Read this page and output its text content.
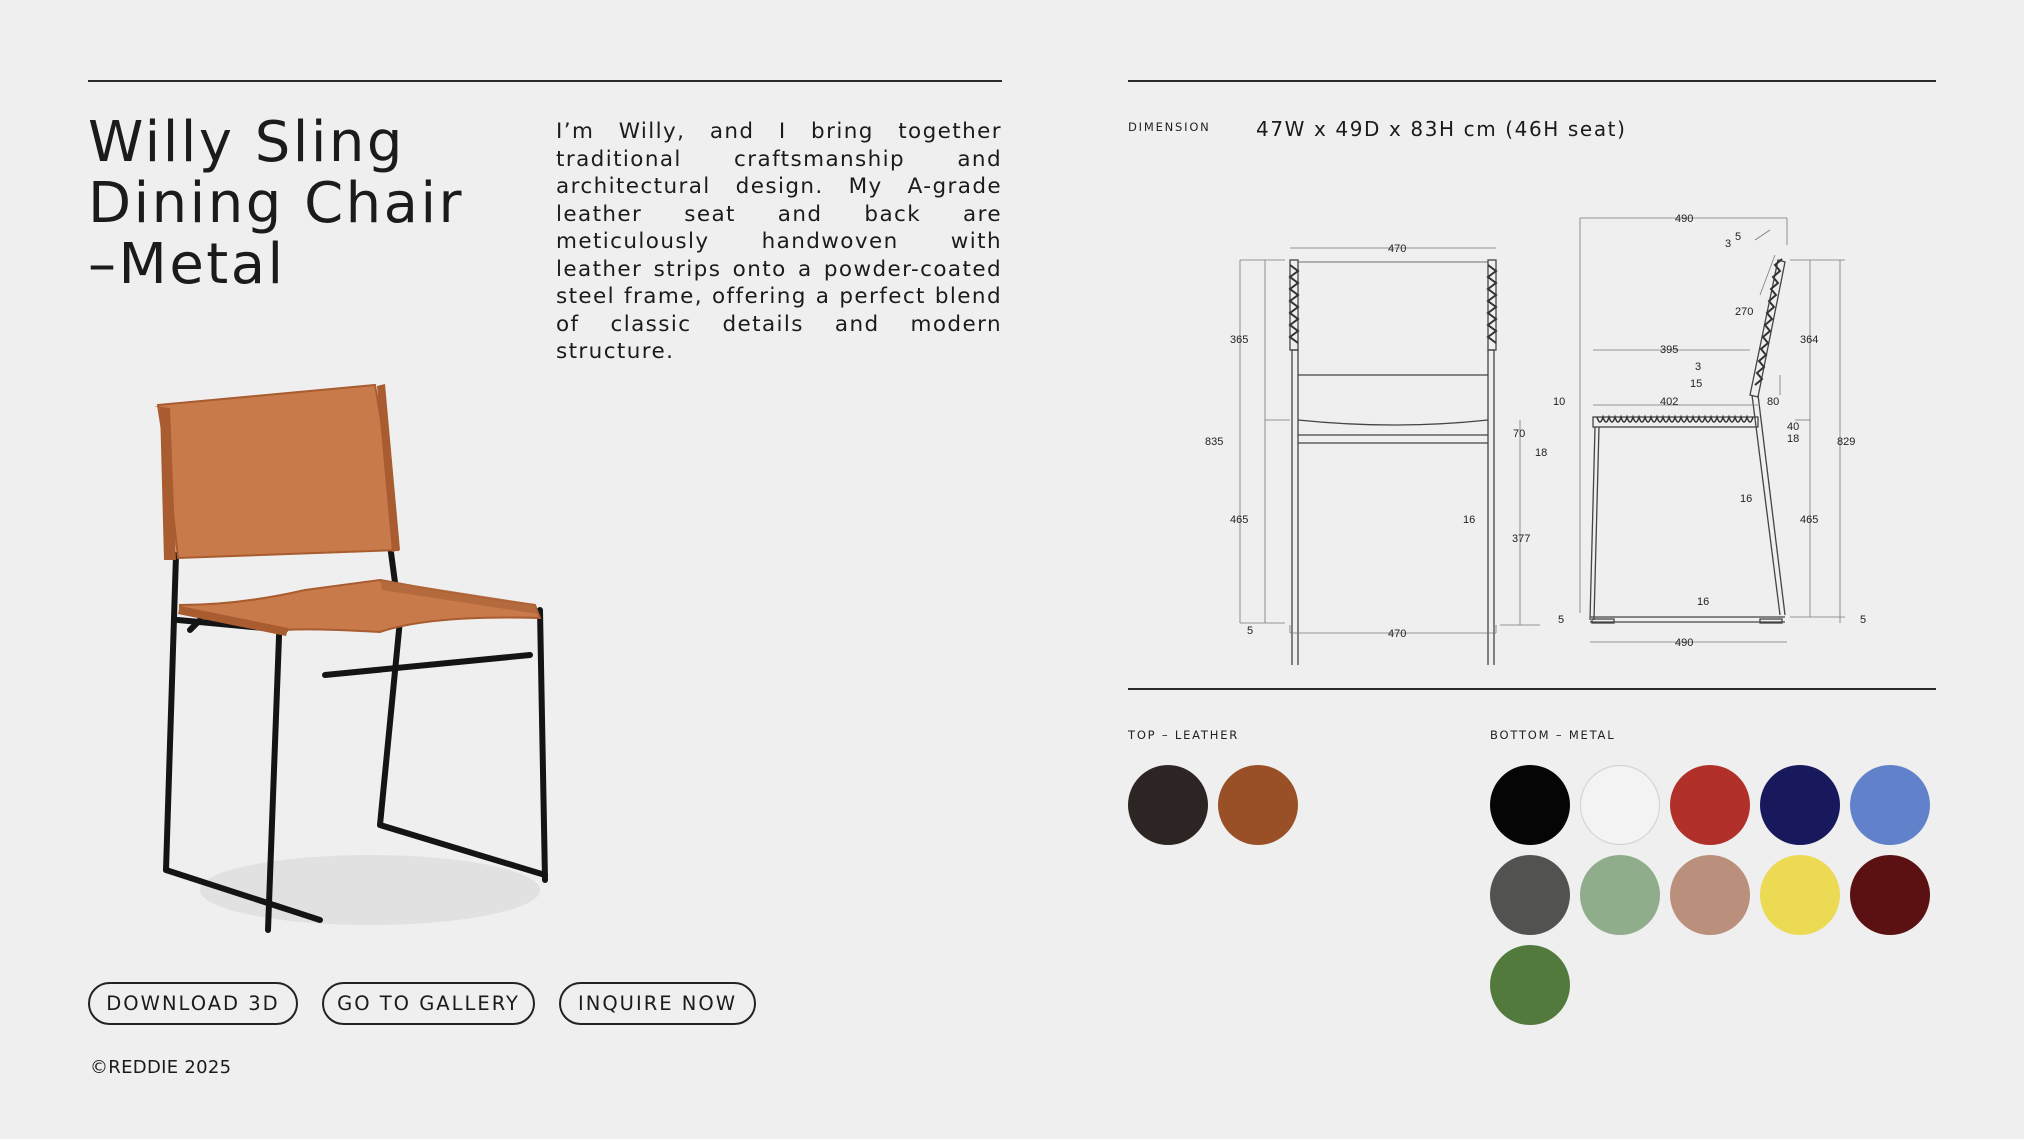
Willy Sling
Dining Chair
–Metal

I’m Willy, and I bring together traditional craftsmanship and architectural design. My A-grade leather seat and back are meticulously handwoven with leather strips onto a powder-coated steel frame, offering a perfect blend of classic details and modern structure.

DOWNLOAD 3D	GO TO GALLERY	INQUIRE NOW
©REDDIE 2025
DIMENSION 47W x 49D x 83H cm (46H seat)
470
470
835
365
465
5
70
18
16
377
490
5
3
270
395
3
15
10	402	80
40
18
364
829
465
16
16
5	5
490
TOP – LEATHER	BOTTOM – METAL
